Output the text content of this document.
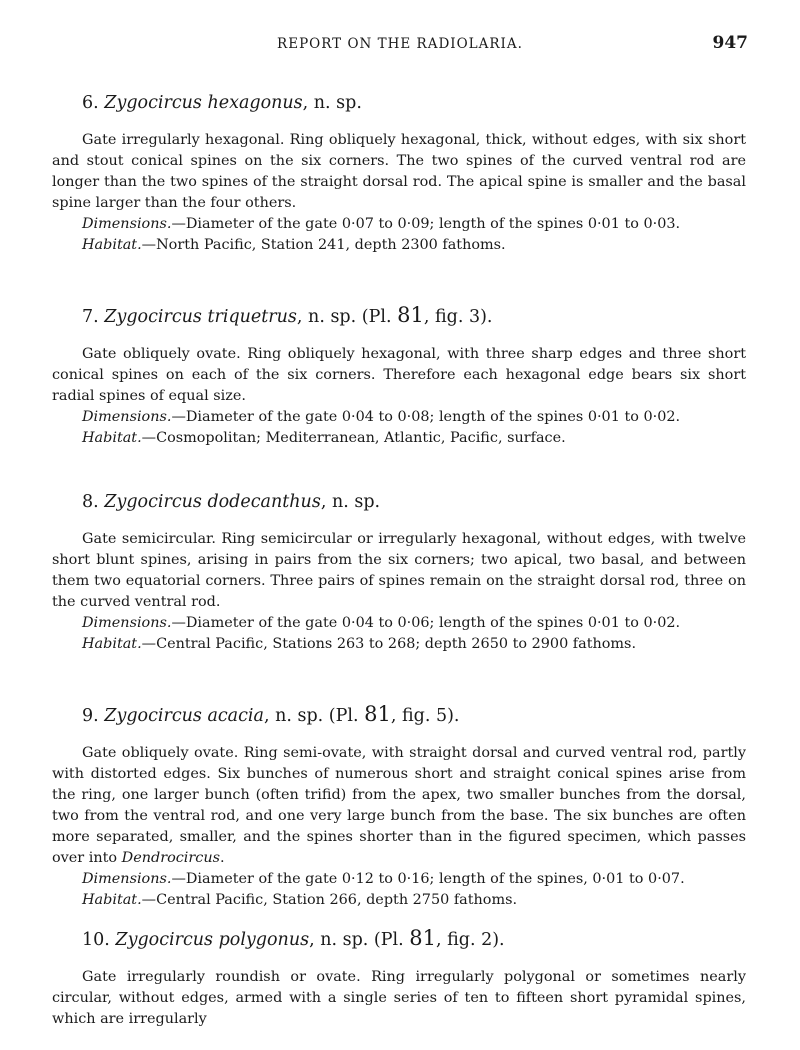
REPORT ON THE RADIOLARIA.	947
6. Zygocircus hexagonus, n. sp.

Gate irregularly hexagonal. Ring obliquely hexagonal, thick, without edges, with six short and stout conical spines on the six corners. The two spines of the curved ventral rod are longer than the two spines of the straight dorsal rod. The apical spine is smaller and the basal spine larger than the four others.

Dimensions.—Diameter of the gate 0·07 to 0·09; length of the spines 0·01 to 0·03.

Habitat.—North Pacific, Station 241, depth 2300 fathoms.

7. Zygocircus triquetrus, n. sp. (Pl. 81, fig. 3).

Gate obliquely ovate. Ring obliquely hexagonal, with three sharp edges and three short conical spines on each of the six corners. Therefore each hexagonal edge bears six short radial spines of equal size.

Dimensions.—Diameter of the gate 0·04 to 0·08; length of the spines 0·01 to 0·02.

Habitat.—Cosmopolitan; Mediterranean, Atlantic, Pacific, surface.

8. Zygocircus dodecanthus, n. sp.

Gate semicircular. Ring semicircular or irregularly hexagonal, without edges, with twelve short blunt spines, arising in pairs from the six corners; two apical, two basal, and between them two equatorial corners. Three pairs of spines remain on the straight dorsal rod, three on the curved ventral rod.

Dimensions.—Diameter of the gate 0·04 to 0·06; length of the spines 0·01 to 0·02.

Habitat.—Central Pacific, Stations 263 to 268; depth 2650 to 2900 fathoms.

9. Zygocircus acacia, n. sp. (Pl. 81, fig. 5).

Gate obliquely ovate. Ring semi-ovate, with straight dorsal and curved ventral rod, partly with distorted edges. Six bunches of numerous short and straight conical spines arise from the ring, one larger bunch (often trifid) from the apex, two smaller bunches from the dorsal, two from the ventral rod, and one very large bunch from the base. The six bunches are often more separated, smaller, and the spines shorter than in the figured specimen, which passes over into Dendrocircus.

Dimensions.—Diameter of the gate 0·12 to 0·16; length of the spines, 0·01 to 0·07.

Habitat.—Central Pacific, Station 266, depth 2750 fathoms.

10. Zygocircus polygonus, n. sp. (Pl. 81, fig. 2).

Gate irregularly roundish or ovate. Ring irregularly polygonal or sometimes nearly circular, without edges, armed with a single series of ten to fifteen short pyramidal spines, which are irregularly
